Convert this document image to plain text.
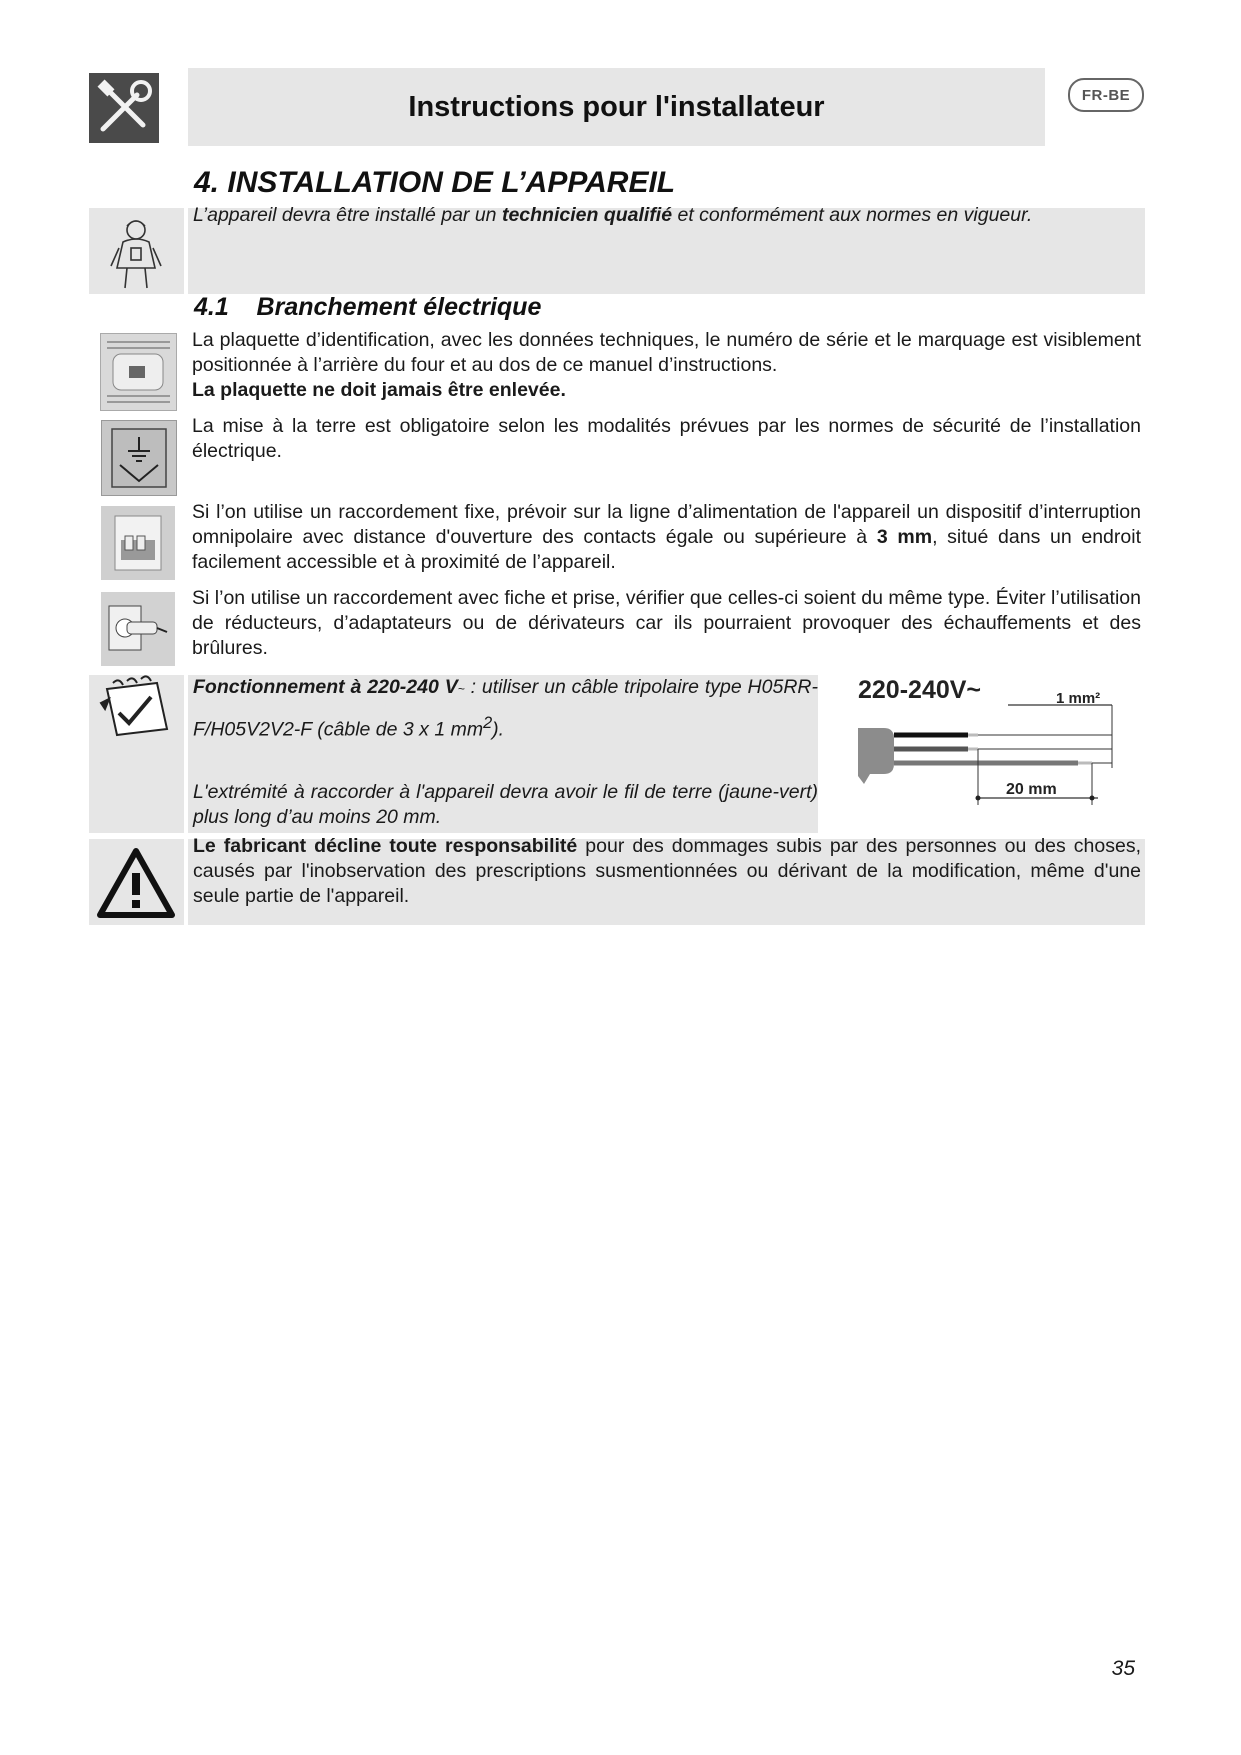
Instructions pour l'installateur	FR-BE
4. INSTALLATION DE L’APPAREIL
L’appareil devra être installé par un technicien qualifié et conformément aux normes en vigueur.
4.1    Branchement électrique
La plaquette d’identification, avec les données techniques, le numéro de série et le marquage est visiblement positionnée à l’arrière du four et au dos de ce manuel d’instructions.
La plaquette ne doit jamais être enlevée.
La mise à la terre est obligatoire selon les modalités prévues par les normes de sécurité de l’installation électrique.
Si l’on utilise un raccordement fixe, prévoir sur la ligne d’alimentation de l'appareil un dispositif d’interruption omnipolaire avec distance d'ouverture des contacts égale ou supérieure à 3 mm, situé dans un endroit facilement accessible et à proximité de l’appareil.
Si l’on utilise un raccordement avec fiche et prise, vérifier que celles-ci soient du même type. Éviter l’utilisation de réducteurs, d’adaptateurs ou de dérivateurs car ils pourraient provoquer des échauffements et des brûlures.
Fonctionnement à 220-240 V~ : utiliser un câble tripolaire type H05RR-F/H05V2V2-F (câble de 3 x 1 $mm^2$).
L'extrémité à raccorder à l'appareil devra avoir le fil de terre (jaune-vert) plus long d’au moins 20 mm.
220-240V~	1 mm²
20 mm
Le fabricant décline toute responsabilité pour des dommages subis par des personnes ou des choses, causés par l'inobservation des prescriptions susmentionnées ou dérivant de la modification, même d'une seule partie de l'appareil.
35
